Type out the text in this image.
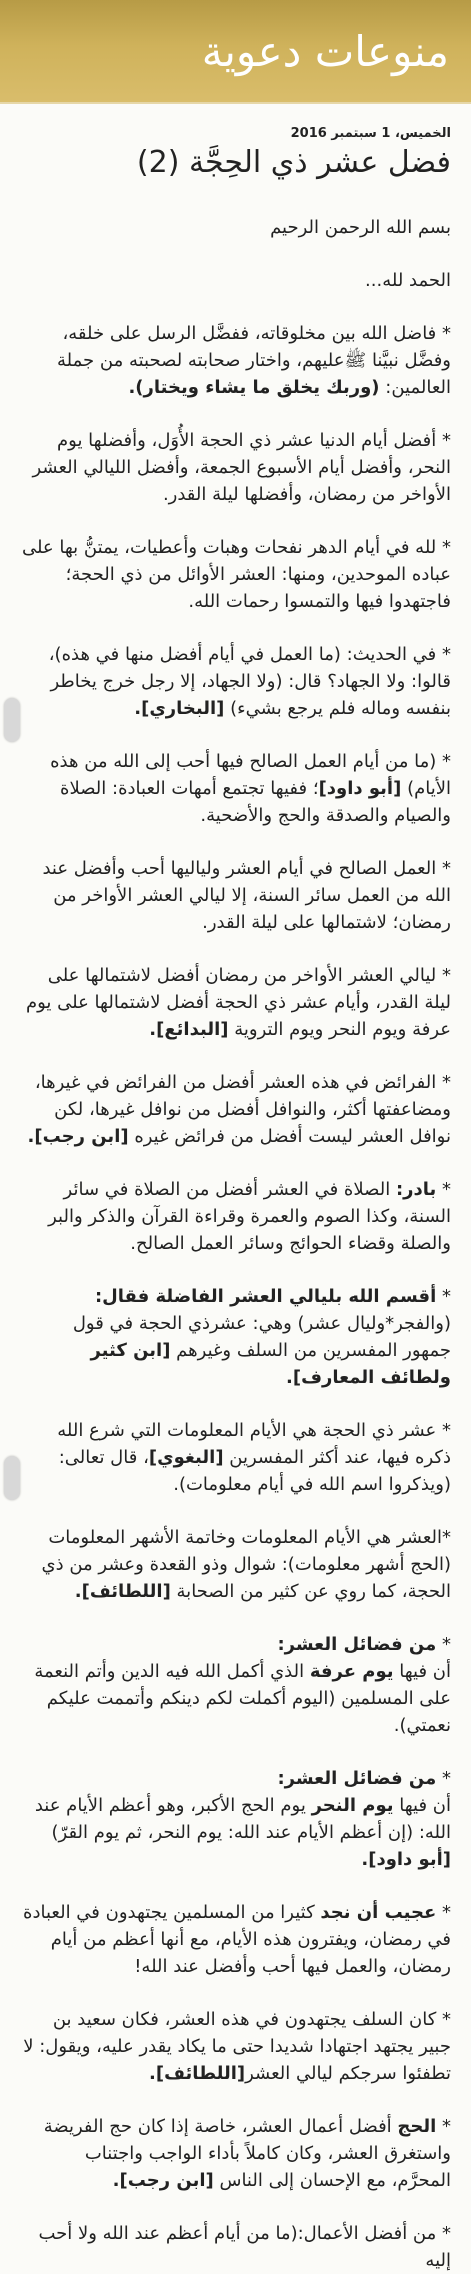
منوعات دعوية
الخميس، 1 سبتمبر 2016
فضل عشر ذي الحِجَّة (2)

بسم الله الرحمن الرحيم

الحمد لله...

* فاضل الله بين مخلوقاته، ففضَّل الرسل على خلقه، وفضَّل نبيَّنا ﷺعليهم، واختار صحابته لصحبته من جملة العالمين: (وربك يخلق ما يشاء ويختار).

* أفضل أيام الدنيا عشر ذي الحجة الأُوَل، وأفضلها يوم النحر، وأفضل أيام الأسبوع الجمعة، وأفضل الليالي العشر الأواخر من رمضان، وأفضلها ليلة القدر.

* لله في أيام الدهر نفحات وهبات وأعطيات، يمتنُّ بها على عباده الموحدين، ومنها: العشر الأوائل من ذي الحجة؛ فاجتهدوا فيها والتمسوا رحمات الله.

* في الحديث: (ما العمل في أيام أفضل منها في هذه)، قالوا: ولا الجهاد؟ قال: (ولا الجهاد، إلا رجل خرج يخاطر بنفسه وماله فلم يرجع بشيء) [البخاري].

* (ما من أيام العمل الصالح فيها أحب إلى الله من هذه الأيام) [أبو داود]؛ ففيها تجتمع أمهات العبادة: الصلاة والصيام والصدقة والحج والأضحية.

* العمل الصالح في أيام العشر ولياليها أحب وأفضل عند الله من العمل سائر السنة، إلا ليالي العشر الأواخر من رمضان؛ لاشتمالها على ليلة القدر.

* ليالي العشر الأواخر من رمضان أفضل لاشتمالها على ليلة القدر، وأيام عشر ذي الحجة أفضل لاشتمالها على يوم عرفة ويوم النحر ويوم التروية [البدائع].

* الفرائض في هذه العشر أفضل من الفرائض في غيرها، ومضاعفتها أكثر، والنوافل أفضل من نوافل غيرها، لكن نوافل العشر ليست أفضل من فرائض غيره [ابن رجب].

* بادر: الصلاة في العشر أفضل من الصلاة في سائر السنة، وكذا الصوم والعمرة وقراءة القرآن والذكر والبر والصلة وقضاء الحوائج وسائر العمل الصالح.

* أقسم الله بليالي العشر الفاضلة فقال: (والفجر*وليال عشر) وهي: عشرذي الحجة في قول جمهور المفسرين من السلف وغيرهم [ابن كثير ولطائف المعارف].

* عشر ذي الحجة هي الأيام المعلومات التي شرع الله ذكره فيها، عند أكثر المفسرين [البغوي]، قال تعالى: (ويذكروا اسم الله في أيام معلومات).

*العشر هي الأيام المعلومات وخاتمة الأشهر المعلومات (الحج أشهر معلومات): شوال وذو القعدة وعشر من ذي الحجة، كما روي عن كثير من الصحابة [اللطائف].

* من فضائل العشر:
أن فيها يوم عرفة الذي أكمل الله فيه الدين وأتم النعمة على المسلمين (اليوم أكملت لكم دينكم وأتممت عليكم نعمتي).

* من فضائل العشر:
أن فيها يوم النحر يوم الحج الأكبر، وهو أعظم الأيام عند الله: (إن أعظم الأيام عند الله: يوم النحر، ثم يوم القرّ)[أبو داود].

* عجيب أن نجد كثيرا من المسلمين يجتهدون في العبادة في رمضان، ويفترون هذه الأيام، مع أنها أعظم من أيام رمضان، والعمل فيها أحب وأفضل عند الله!

* كان السلف يجتهدون في هذه العشر، فكان سعيد بن جبير يجتهد اجتهادا شديدا حتى ما يكاد يقدر عليه، ويقول: لا تطفئوا سرجكم ليالي العشر[اللطائف].

* الحج أفضل أعمال العشر، خاصة إذا كان حج الفريضة واستغرق العشر، وكان كاملاً بأداء الواجب واجتناب المحرَّم، مع الإحسان إلى الناس [ابن رجب].

* من أفضل الأعمال:(ما من أيام أعظم عند الله ولا أحب إليه
